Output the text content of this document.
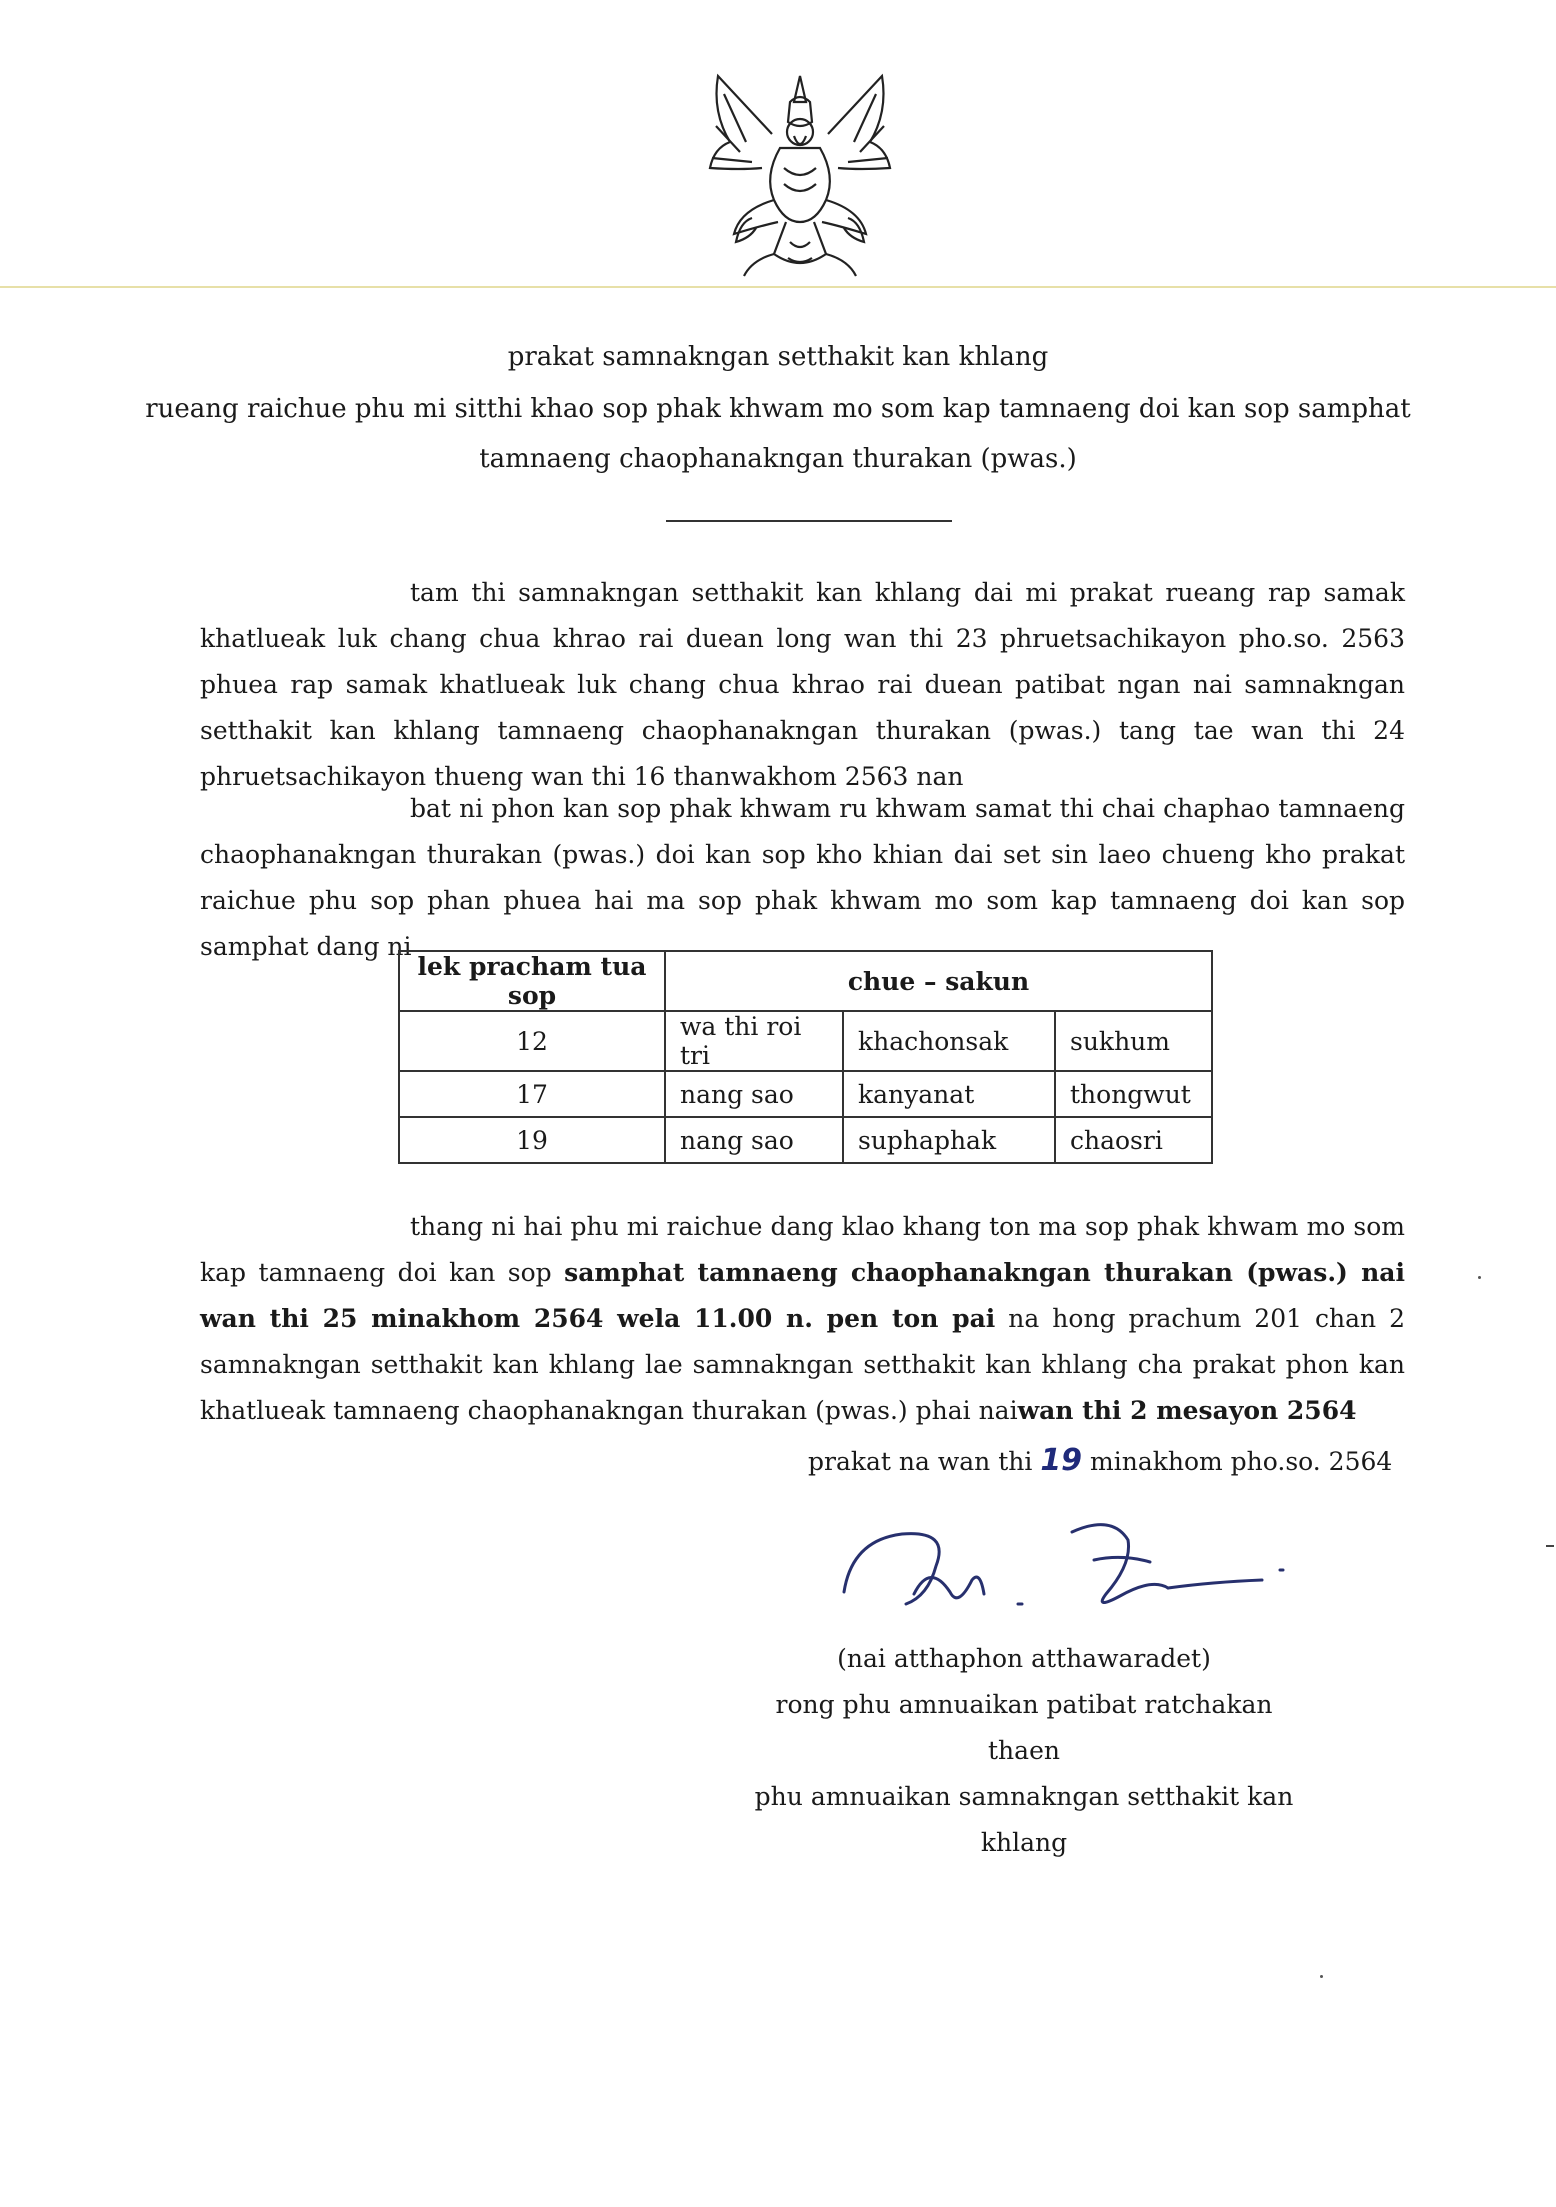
prakat samnakngan setthakit kan khlang
rueang raichue phu mi sitthi khao sop phak khwam mo som kap tamnaeng doi kan sop samphat
tamnaeng chaophanakngan thurakan (pwas.)
tam thi samnakngan setthakit kan khlang dai mi prakat rueang rap samak khatlueak luk chang chua khrao rai duean long wan thi 23 phruetsachikayon pho.so. 2563 phuea rap samak khatlueak luk chang chua khrao rai duean patibat ngan nai samnakngan setthakit kan khlang tamnaeng chaophanakngan thurakan (pwas.) tang tae wan thi 24 phruetsachikayon thueng wan thi 16 thanwakhom 2563 nan
bat ni phon kan sop phak khwam ru khwam samat thi chai chaphao tamnaeng chaophanakngan thurakan (pwas.) doi kan sop kho khian dai set sin laeo chueng kho prakat raichue phu sop phan phuea hai ma sop phak khwam mo som kap tamnaeng doi kan sop samphat dang ni
lek pracham tua sop	chue – sakun		
12	wa thi roi tri	khachonsak	sukhum
17	nang sao	kanyanat	thongwut
19	nang sao	suphaphak	chaosri
thang ni hai phu mi raichue dang klao khang ton ma sop phak khwam mo som kap tamnaeng doi kan sop samphat tamnaeng chaophanakngan thurakan (pwas.) nai wan thi 25 minakhom 2564 wela 11.00 n. pen ton pai na hong prachum 201 chan 2 samnakngan setthakit kan khlang lae samnakngan setthakit kan khlang cha prakat phon kan khatlueak tamnaeng chaophanakngan thurakan (pwas.) phai naiwan thi 2 mesayon 2564
prakat na wan thi 19 minakhom pho.so. 2564
(nai atthaphon atthawaradet)
rong phu amnuaikan patibat ratchakan thaen
phu amnuaikan samnakngan setthakit kan khlang
